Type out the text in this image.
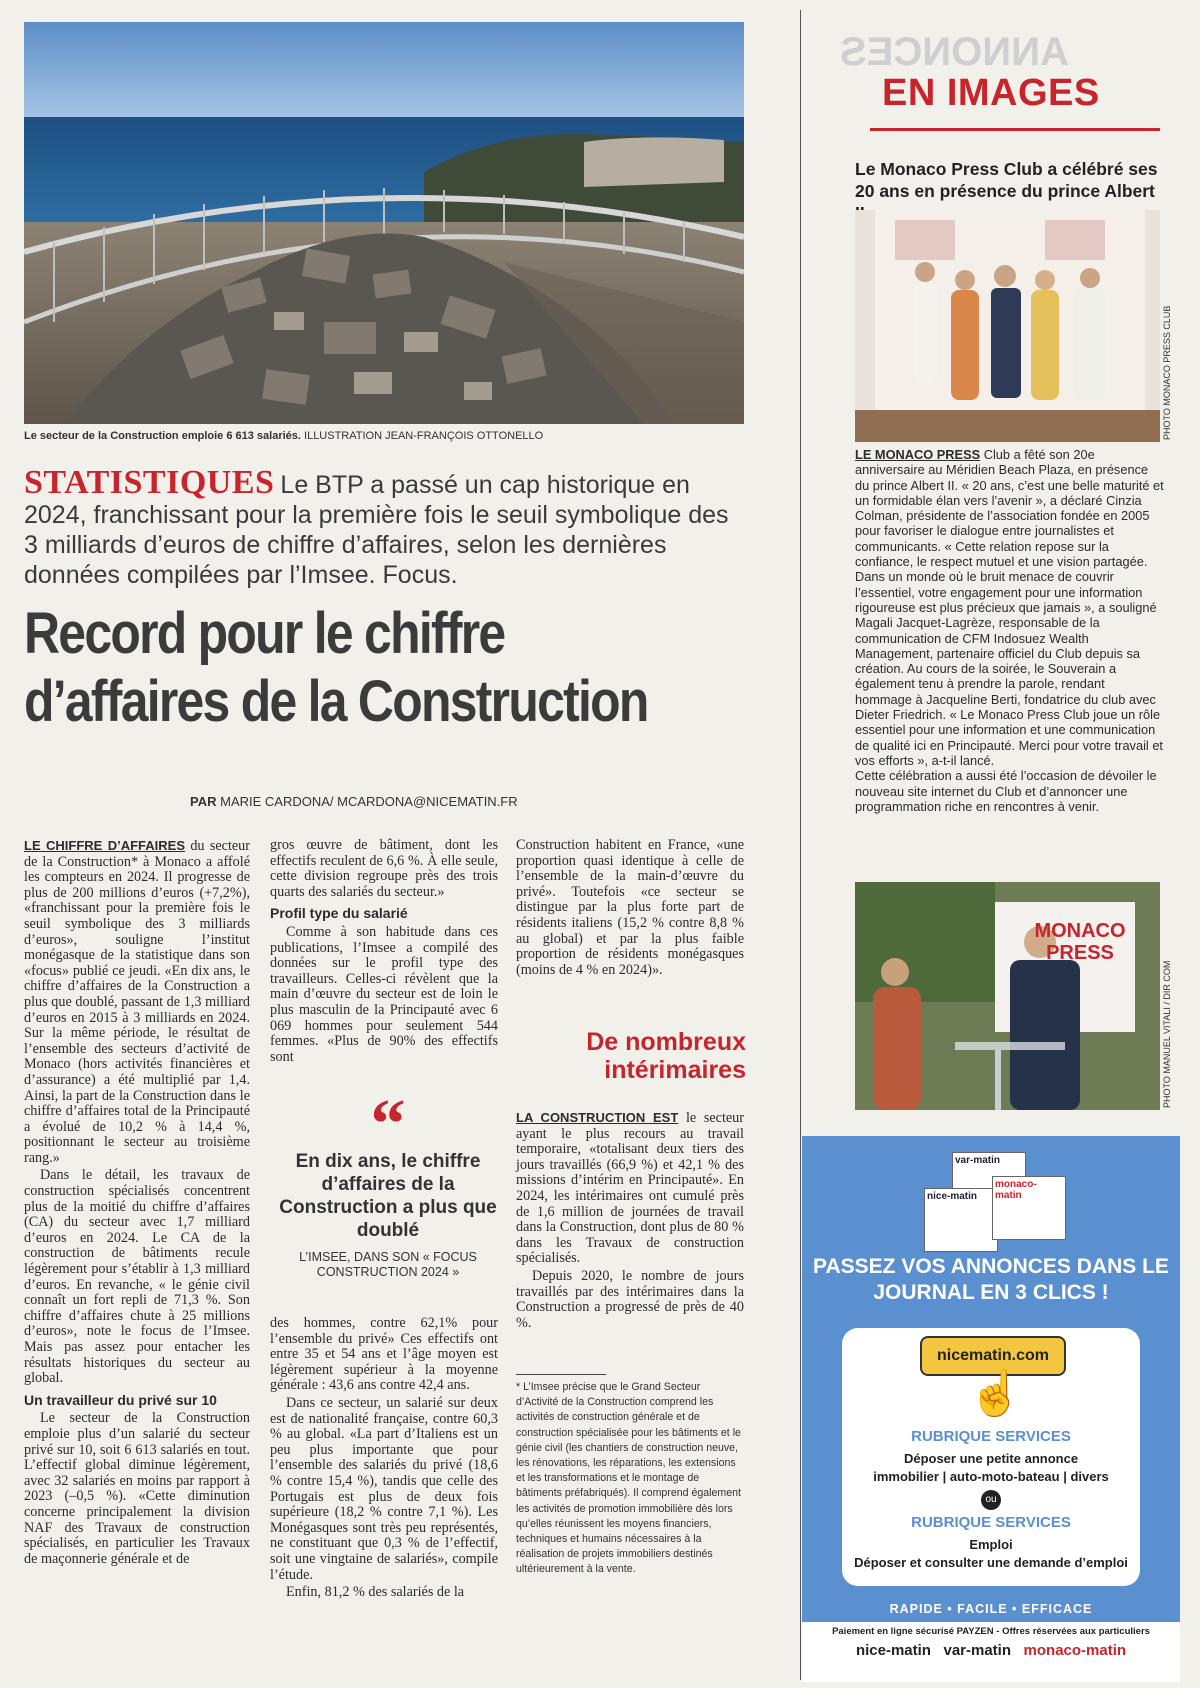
ANNONCES
Le secteur de la Construction emploie 6 613 salariés. ILLUSTRATION JEAN-FRANÇOIS OTTONELLO
STATISTIQUES Le BTP a passé un cap historique en 2024, franchissant pour la première fois le seuil symbolique des 3 milliards d’euros de chiffre d’affaires, selon les dernières données compilées par l’Imsee. Focus.
Record pour le chiffre
d’affaires de la Construction
PAR MARIE CARDONA/ MCARDONA@NICEMATIN.FR

LE CHIFFRE D’AFFAIRES du secteur de la Construction* à Monaco a affolé les compteurs en 2024. Il progresse de plus de 200 millions d’euros (+7,2%), «franchissant pour la première fois le seuil symbolique des 3 milliards d’euros», souligne l’institut monégasque de la statistique dans son «focus» publié ce jeudi. «En dix ans, le chiffre d’affaires de la Construction a plus que doublé, passant de 1,3 milliard d’euros en 2015 à 3 milliards en 2024. Sur la même période, le résultat de l’ensemble des secteurs d’activité de Monaco (hors activités financières et d’assurance) a été multiplié par 1,4. Ainsi, la part de la Construction dans le chiffre d’affaires total de la Principauté a évolué de 10,2 % à 14,4 %, positionnant le secteur au troisième rang.»

Dans le détail, les travaux de construction spécialisés concentrent plus de la moitié du chiffre d’affaires (CA) du secteur avec 1,7 milliard d’euros en 2024. Le CA de la construction de bâtiments recule légèrement pour s’établir à 1,3 milliard d’euros. En revanche, « le génie civil connaît un fort repli de 71,3 %. Son chiffre d’affaires chute à 25 millions d’euros», note le focus de l’Imsee. Mais pas assez pour entacher les résultats historiques du secteur au global.

Un travailleur du privé sur 10

Le secteur de la Construction emploie plus d’un salarié du secteur privé sur 10, soit 6 613 salariés en tout. L’effectif global diminue légèrement, avec 32 salariés en moins par rapport à 2023 (–0,5 %). «Cette diminution concerne principalement la division NAF des Travaux de construction spécialisés, en particulier les Travaux de maçonnerie générale et de

gros œuvre de bâtiment, dont les effectifs reculent de 6,6 %. À elle seule, cette division regroupe près des trois quarts des salariés du secteur.»

Profil type du salarié

Comme à son habitude dans ces publications, l’Imsee a compilé des données sur le profil type des travailleurs. Celles-ci révèlent que la main d’œuvre du secteur est de loin le plus masculin de la Principauté avec 6 069 hommes pour seulement 544 femmes. «Plus de 90% des effectifs sont

“
En dix ans, le chiffre d’affaires de la Construction a plus que doublé
L’IMSEE, DANS SON « FOCUS CONSTRUCTION 2024 »

des hommes, contre 62,1% pour l’ensemble du privé» Ces effectifs ont entre 35 et 54 ans et l’âge moyen est légèrement supérieur à la moyenne générale : 43,6 ans contre 42,4 ans.

Dans ce secteur, un salarié sur deux est de nationalité française, contre 60,3 % au global. «La part d’Italiens est un peu plus importante que pour l’ensemble des salariés du privé (18,6 % contre 15,4 %), tandis que celle des Portugais est plus de deux fois supérieure (18,2 % contre 7,1 %). Les Monégasques sont très peu représentés, ne constituant que 0,3 % de l’effectif, soit une vingtaine de salariés», compile l’étude.

Enfin, 81,2 % des salariés de la

Construction habitent en France, «une proportion quasi identique à celle de l’ensemble de la main-d’œuvre du privé». Toutefois «ce secteur se distingue par la plus forte part de résidents italiens (15,2 % contre 8,8 % au global) et par la plus faible proportion de résidents monégasques (moins de 4 % en 2024)».

De nombreux intérimaires

LA CONSTRUCTION EST le secteur ayant le plus recours au travail temporaire, «totalisant deux tiers des jours travaillés (66,9 %) et 42,1 % des missions d’intérim en Principauté». En 2024, les intérimaires ont cumulé près de 1,6 million de journées de travail dans la Construction, dont plus de 80 % dans les Travaux de construction spécialisés.

Depuis 2020, le nombre de jours travaillés par des intérimaires dans la Construction a progressé de près de 40 %.

* L’Imsee précise que le Grand Secteur d’Activité de la Construction comprend les activités de construction générale et de construction spécialisée pour les bâtiments et le génie civil (les chantiers de construction neuve, les rénovations, les réparations, les extensions et les transformations et le montage de bâtiments préfabriqués). Il comprend également les activités de promotion immobilière dès lors qu’elles réunissent les moyens financiers, techniques et humains nécessaires à la réalisation de projets immobiliers destinés ultérieurement à la vente.
EN IMAGES
Le Monaco Press Club a célébré ses 20 ans en présence du prince Albert
PHOTO MONACO PRESS CLUB
LE MONACO PRESS Club a fêté son 20e anniversaire au Méridien Beach Plaza, en présence du prince Albert II. « 20 ans, c’est une belle maturité et un formidable élan vers l’avenir », a déclaré Cinzia Colman, présidente de l’association fondée en 2005 pour favoriser le dialogue entre journalistes et communicants. « Cette relation repose sur la confiance, le respect mutuel et une vision partagée. Dans un monde où le bruit menace de couvrir l’essentiel, votre engagement pour une information rigoureuse est plus précieux que jamais », a souligné Magali Jacquet-Lagrèze, responsable de la communication de CFM Indosuez Wealth Management, partenaire officiel du Club depuis sa création. Au cours de la soirée, le Souverain a également tenu à prendre la parole, rendant hommage à Jacqueline Berti, fondatrice du club avec Dieter Friedrich. « Le Monaco Press Club joue un rôle essentiel pour une information et une communication de qualité ici en Principauté. Merci pour votre travail et vos efforts », a-t-il lancé.
Cette célébration a aussi été l’occasion de dévoiler le nouveau site internet du Club et d’annoncer une programmation riche en rencontres à venir.
MONACO PRESS
PHOTO MANUEL VITALI / DIR COM
var-matin
nice-matin
monaco-matin
PASSEZ VOS ANNONCES DANS LE JOURNAL EN 3 CLICS !
nicematin.com
☝
RUBRIQUE SERVICES
Déposer une petite annonce
immobilier | auto-moto-bateau | divers
ou
RUBRIQUE SERVICES
Emploi
Déposer et consulter une demande d’emploi
RAPIDE • FACILE • EFFICACE
Paiement en ligne sécurisé PAYZEN - Offres réservées aux particuliers
nice-matin var-matin monaco-matin
